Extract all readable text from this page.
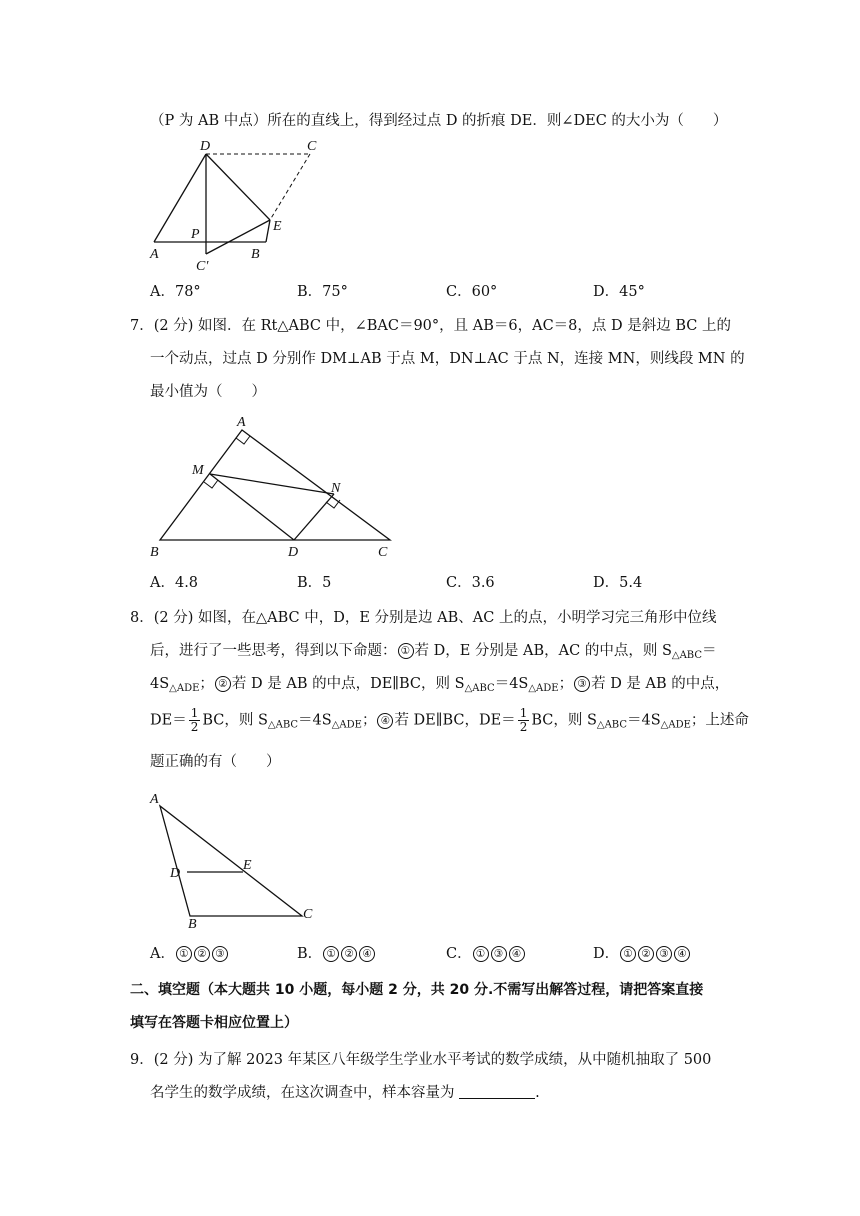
（P 为 AB 中点）所在的直线上，得到经过点 D 的折痕 DE．则∠DEC 的大小为（　　）
D	C
E
P
A	B
C′
A．78°	B．75°	C．60°	D．45°
7．(2 分) 如图．在 Rt△ABC 中，∠BAC＝90°，且 AB＝6，AC＝8，点 D 是斜边 BC 上的
一个动点，过点 D 分别作 DM⊥AB 于点 M，DN⊥AC 于点 N，连接 MN，则线段 MN 的
最小值为（　　）
A
M
N
B	D	C
A．4.8	B．5	C．3.6	D．5.4
8．(2 分) 如图，在△ABC 中，D，E 分别是边 AB、AC 上的点，小明学习完三角形中位线
后，进行了一些思考，得到以下命题： ① 若 D，E 分别是 AB，AC 的中点，则 $S_{\triangle ABC}=$
$4S_{\triangle ADE}$； ② 若 D 是 AB 的中点，DE∥BC，则 $S_{\triangle ABC}=4S_{\triangle ADE}$； ③ 若 D 是 AB 的中点，
$DE= \frac{1}{2}$ BC，则 $S_{\triangle ABC}=4S_{\triangle ADE}$； ④ 若 DE∥BC，$DE= \frac{1}{2}$ BC，则 $S_{\triangle ABC}=4S_{\triangle ADE}$；上述命
题正确的有（　　）
A
D
E
B
C
A． ① ② ③	B． ① ② ④	C． ① ③ ④	D． ① ② ③ ④
二、填空题（本大题共 10 小题，每小题 2 分，共 20 分.不需写出解答过程，请把答案直接
填写在答题卡相应位置上）
9．(2 分) 为了解 2023 年某区八年级学生学业水平考试的数学成绩，从中随机抽取了 500
名学生的数学成绩，在这次调查中，样本容量为	.
